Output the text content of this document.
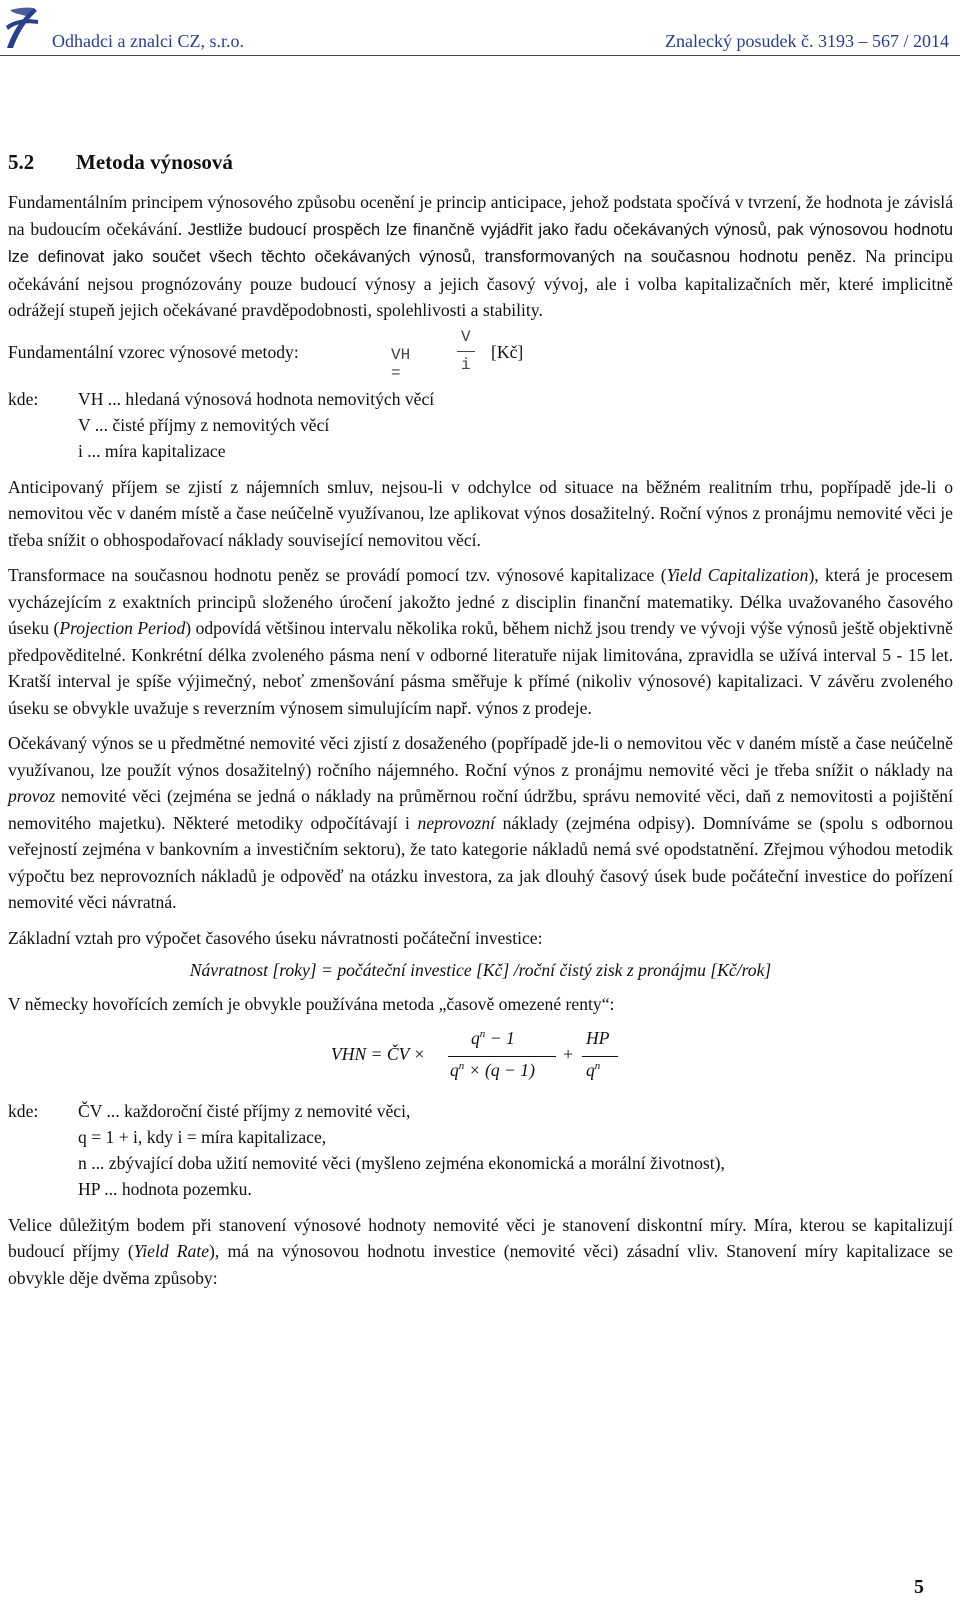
Odhadci a znalci CZ, s.r.o.	Znalecký posudek č. 3193 – 567 / 2014
5.2 Metoda výnosová

Fundamentálním principem výnosového způsobu ocenění je princip anticipace, jehož podstata spočívá v tvrzení, že hodnota je závislá na budoucím očekávání. Jestliže budoucí prospěch lze finančně vyjádřit jako řadu očekávaných výnosů, pak výnosovou hodnotu lze definovat jako součet všech těchto očekávaných výnosů, transformovaných na současnou hodnotu peněz. Na principu očekávání nejsou prognózovány pouze budoucí výnosy a jejich časový vývoj, ale i volba kapitalizačních měr, které implicitně odrážejí stupeň jejich očekávané pravděpodobnosti, spolehlivosti a stability.

Fundamentální vzorec výnosové metody:	VH =
V
i
[Kč]
kde: VH ... hledaná výnosová hodnota nemovitých věcí
V ... čisté příjmy z nemovitých věcí
i ... míra kapitalizace

Anticipovaný příjem se zjistí z nájemních smluv, nejsou-li v odchylce od situace na běžném realitním trhu, popřípadě jde-li o nemovitou věc v daném místě a čase neúčelně využívanou, lze aplikovat výnos dosažitelný. Roční výnos z pronájmu nemovité věci je třeba snížit o obhospodařovací náklady související nemovitou věcí.

Transformace na současnou hodnotu peněz se provádí pomocí tzv. výnosové kapitalizace (Yield Capitalization), která je procesem vycházejícím z exaktních principů složeného úročení jakožto jedné z disciplin finanční matematiky. Délka uvažovaného časového úseku (Projection Period) odpovídá většinou intervalu několika roků, během nichž jsou trendy ve vývoji výše výnosů ještě objektivně předpověditelné. Konkrétní délka zvoleného pásma není v odborné literatuře nijak limitována, zpravidla se užívá interval 5 - 15 let. Kratší interval je spíše výjimečný, neboť zmenšování pásma směřuje k přímé (nikoliv výnosové) kapitalizaci. V závěru zvoleného úseku se obvykle uvažuje s reverzním výnosem simulujícím např. výnos z prodeje.

Očekávaný výnos se u předmětné nemovité věci zjistí z dosaženého (popřípadě jde-li o nemovitou věc v daném místě a čase neúčelně využívanou, lze použít výnos dosažitelný) ročního nájemného. Roční výnos z pronájmu nemovité věci je třeba snížit o náklady na provoz nemovité věci (zejména se jedná o náklady na průměrnou roční údržbu, správu nemovité věci, daň z nemovitosti a pojištění nemovitého majetku). Některé metodiky odpočítávají i neprovozní náklady (zejména odpisy). Domníváme se (spolu s odbornou veřejností zejména v bankovním a investičním sektoru), že tato kategorie nákladů nemá své opodstatnění. Zřejmou výhodou metodik výpočtu bez neprovozních nákladů je odpověď na otázku investora, za jak dlouhý časový úsek bude počáteční investice do pořízení nemovité věci návratná.

Základní vztah pro výpočet časového úseku návratnosti počáteční investice:

Návratnost [roky] = počáteční investice [Kč] /roční čistý zisk z pronájmu [Kč/rok]

V německy hovořících zemích je obvykle používána metoda „časově omezené renty“:

VHN = ČV ×
$q^n - 1$
$q^n \times (q - 1)$
+
HP
$q^n$
kde: ČV ... každoroční čisté příjmy z nemovité věci,
q = 1 + i, kdy i = míra kapitalizace,
n ... zbývající doba užití nemovité věci (myšleno zejména ekonomická a morální životnost),
HP ... hodnota pozemku.

Velice důležitým bodem při stanovení výnosové hodnoty nemovité věci je stanovení diskontní míry. Míra, kterou se kapitalizují budoucí příjmy (Yield Rate), má na výnosovou hodnotu investice (nemovité věci) zásadní vliv. Stanovení míry kapitalizace se obvykle děje dvěma způsoby:

5
